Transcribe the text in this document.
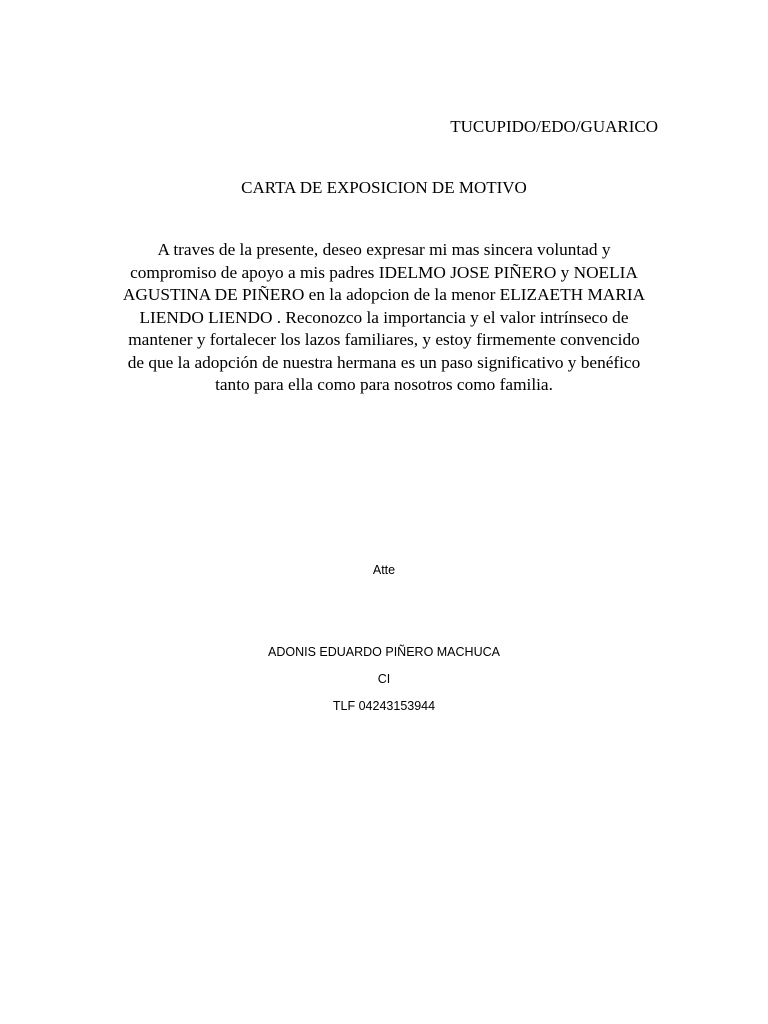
TUCUPIDO/EDO/GUARICO
CARTA DE EXPOSICION DE MOTIVO
A traves de la presente, deseo expresar mi mas sincera voluntad y
compromiso de apoyo a mis padres IDELMO JOSE PIÑERO y NOELIA
AGUSTINA DE PIÑERO en la adopcion de la menor ELIZAETH MARIA
LIENDO LIENDO . Reconozco la importancia y el valor intrínseco de
mantener y fortalecer los lazos familiares, y estoy firmemente convencido
de que la adopción de nuestra hermana es un paso significativo y benéfico
tanto para ella como para nosotros como familia.
Atte
ADONIS EDUARDO PIÑERO MACHUCA
CI
TLF 04243153944
